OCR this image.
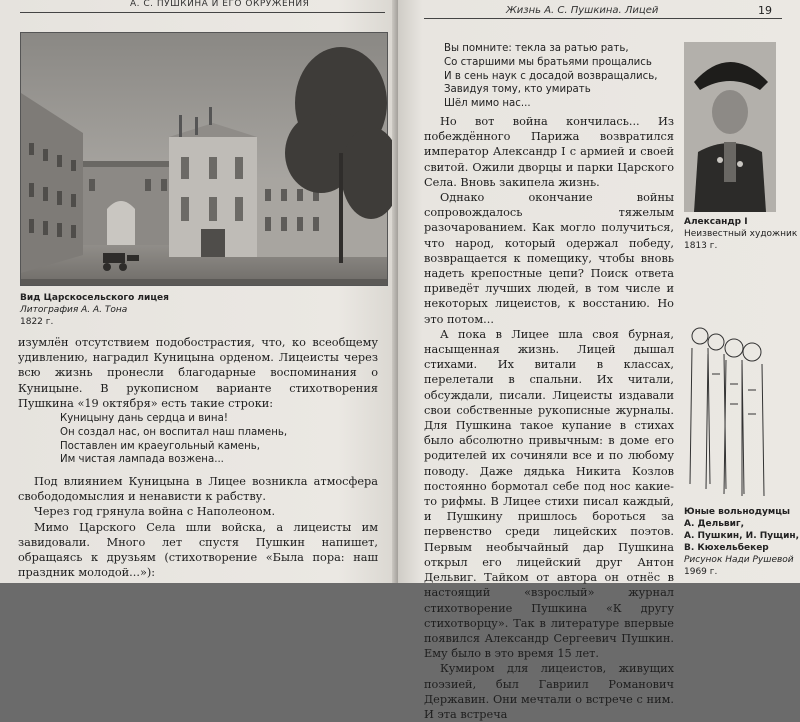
А. С. ПУШКИНА И ЕГО ОКРУЖЕНИЯ
Вид Царскосельского лицея
Литография А. А. Тона
1822 г.

изумлён отсутствием подобострастия, что, ко всеобщему удивлению, наградил Куницына орденом. Лицеисты через всю жизнь пронесли благодарные воспоминания о Куницыне. В рукописном варианте стихотворения Пушкина «19 октября» есть такие строки:

Куницыну дань сердца и вина!
Он создал нас, он воспитал наш пламень,
Поставлен им краеугольный камень,
Им чистая лампада возжена...

Под влиянием Куницына в Лицее возникла атмосфера свобододомыслия и ненависти к рабству.

Через год грянула война с Наполеоном.

Мимо Царского Села шли войска, а лицеисты им завидовали. Много лет спустя Пушкин напишет, обращаясь к друзьям (стихотворение «Была пора: наш праздник молодой...»):

Жизнь А. С. Пушкина. Лицей	19
Вы помните: текла за ратью рать,
Со старшими мы братьями прощались
И в сень наук с досадой возвращались,
Завидуя тому, кто умирать
Шёл мимо нас...

Но вот война кончилась... Из побеждённого Парижа возвратился император Александр I с армией и своей свитой. Ожили дворцы и парки Царского Села. Вновь закипела жизнь.

Однако окончание войны сопровождалось тяжелым разочарованием. Как могло получиться, что народ, который одержал победу, возвращается к помещику, чтобы вновь надеть крепостные цепи? Поиск ответа приведёт лучших людей, в том числе и некоторых лицеистов, к восстанию. Но это потом...

А пока в Лицее шла своя бурная, насыщенная жизнь. Лицей дышал стихами. Их витали в классах, перелетали в спальни. Их читали, обсуждали, писали. Лицеисты издавали свои собственные рукописные журналы. Для Пушкина такое купание в стихах было абсолютно привычным: в доме его родителей их сочиняли все и по любому поводу. Даже дядька Никита Козлов постоянно бормотал себе под нос какие-то рифмы. В Лицее стихи писал каждый, и Пушкину пришлось бороться за первенство среди лицейских поэтов. Первым необычайный дар Пушкина открыл его лицейский друг Антон Дельвиг. Тайком от автора он отнёс в настоящий «взрослый» журнал стихотворение Пушкина «К другу стихотворцу». Так в литературе впервые появился Александр Сергеевич Пушкин. Ему было в это время 15 лет.

Кумиром для лицеистов, живущих поэзией, был Гавриил Романович Державин. Они мечтали о встрече с ним. И эта встреча

Александр I
Неизвестный художник
1813 г.
Юные вольнодумцы
А. Дельвиг,
А. Пушкин, И. Пущин,
В. Кюхельбекер
Рисунок Нади Рушевой
1969 г.
